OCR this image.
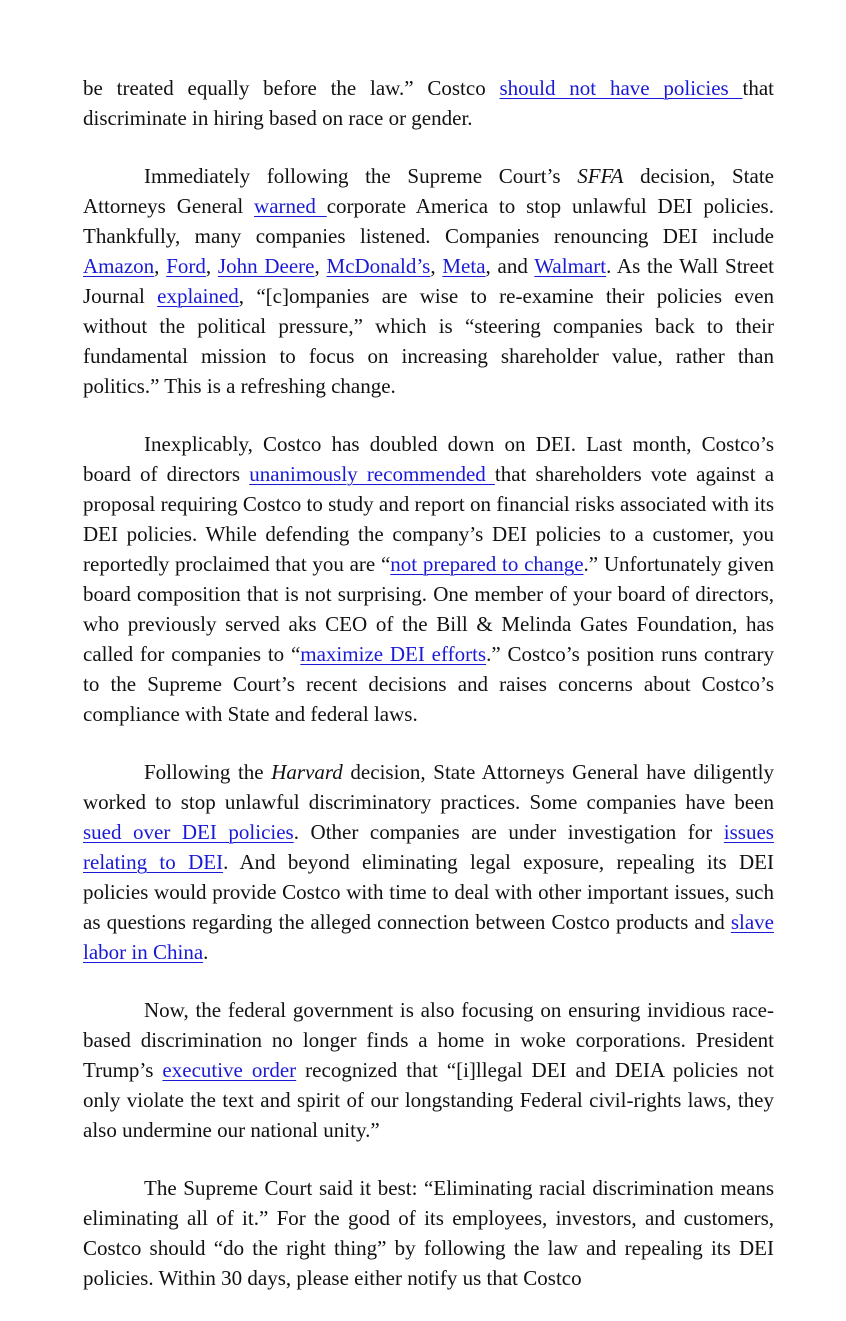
be treated equally before the law.” Costco should not have policies that discriminate in hiring based on race or gender.

Immediately following the Supreme Court’s SFFA decision, State Attorneys General warned corporate America to stop unlawful DEI policies. Thankfully, many companies listened. Companies renouncing DEI include Amazon, Ford, John Deere, McDonald’s, Meta, and Walmart. As the Wall Street Journal explained, “[c]ompanies are wise to re-examine their policies even without the political pressure,” which is “steering companies back to their fundamental mission to focus on increasing shareholder value, rather than politics.” This is a refreshing change.

Inexplicably, Costco has doubled down on DEI. Last month, Costco’s board of directors unanimously recommended that shareholders vote against a proposal requiring Costco to study and report on financial risks associated with its DEI policies. While defending the company’s DEI policies to a customer, you reportedly proclaimed that you are “not prepared to change.” Unfortunately given board composition that is not surprising. One member of your board of directors, who previously served aks CEO of the Bill & Melinda Gates Foundation, has called for companies to “maximize DEI efforts.” Costco’s position runs contrary to the Supreme Court’s recent decisions and raises concerns about Costco’s compliance with State and federal laws.

Following the Harvard decision, State Attorneys General have diligently worked to stop unlawful discriminatory practices. Some companies have been sued over DEI policies. Other companies are under investigation for issues relating to DEI. And beyond eliminating legal exposure, repealing its DEI policies would provide Costco with time to deal with other important issues, such as questions regarding the alleged connection between Costco products and slave labor in China.

Now, the federal government is also focusing on ensuring invidious race-based discrimination no longer finds a home in woke corporations. President Trump’s executive order recognized that “[i]llegal DEI and DEIA policies not only violate the text and spirit of our longstanding Federal civil-rights laws, they also undermine our national unity.”

The Supreme Court said it best: “Eliminating racial discrimination means eliminating all of it.” For the good of its employees, investors, and customers, Costco should “do the right thing” by following the law and repealing its DEI policies. Within 30 days, please either notify us that Costco
